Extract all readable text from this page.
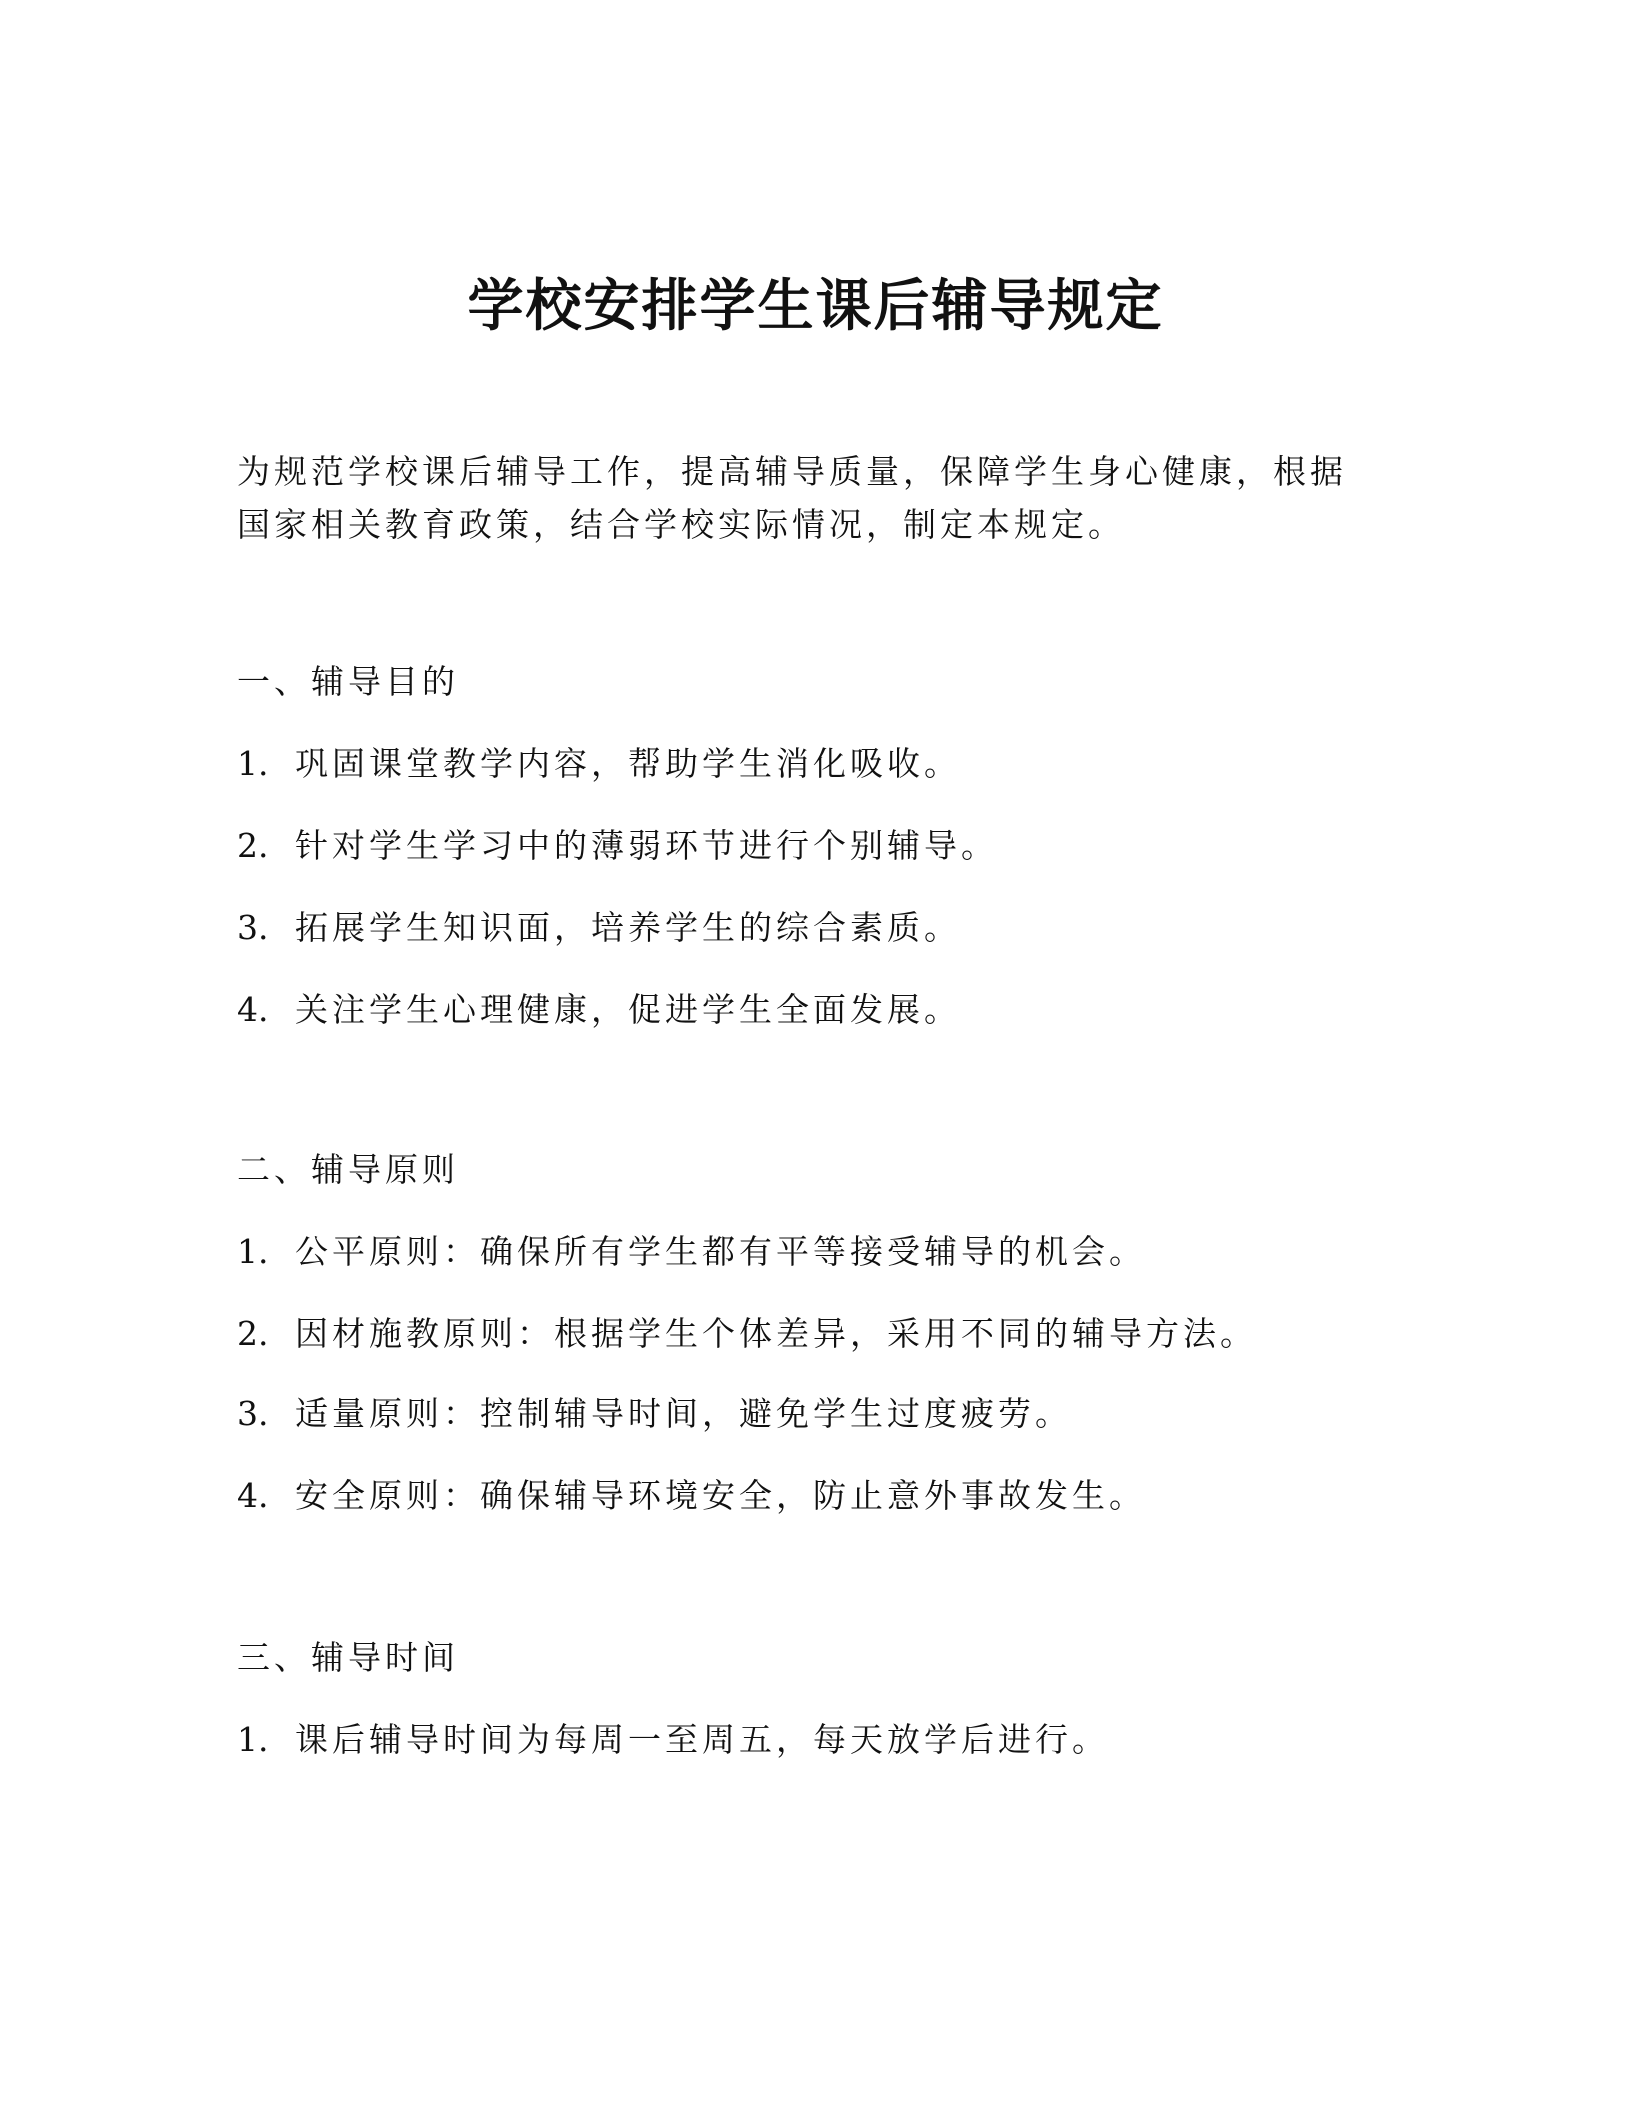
学校安排学生课后辅导规定

为规范学校课后辅导工作，提高辅导质量，保障学生身心健康，根据

国家相关教育政策，结合学校实际情况，制定本规定。

一、辅导目的
1. 巩固课堂教学内容，帮助学生消化吸收。
2. 针对学生学习中的薄弱环节进行个别辅导。
3. 拓展学生知识面，培养学生的综合素质。
4. 关注学生心理健康，促进学生全面发展。
二、辅导原则
1. 公平原则：确保所有学生都有平等接受辅导的机会。
2. 因材施教原则：根据学生个体差异，采用不同的辅导方法。
3. 适量原则：控制辅导时间，避免学生过度疲劳。
4. 安全原则：确保辅导环境安全，防止意外事故发生。
三、辅导时间
1. 课后辅导时间为每周一至周五，每天放学后进行。
